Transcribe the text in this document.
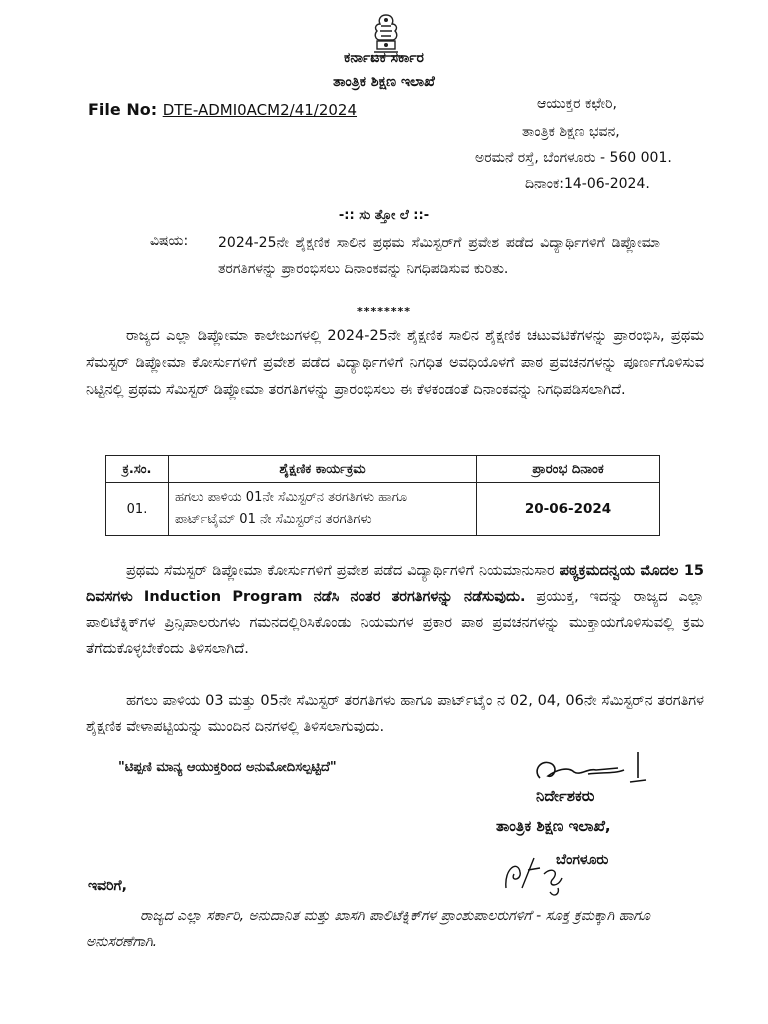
ಕರ್ನಾಟಕ ಸರ್ಕಾರ
ತಾಂತ್ರಿಕ ಶಿಕ್ಷಣ ಇಲಾಖೆ
File No: DTE-ADMI0ACM2/41/2024	ಆಯುಕ್ತರ ಕಛೇರಿ,
ತಾಂತ್ರಿಕ ಶಿಕ್ಷಣ ಭವನ,
ಅರಮನೆ ರಸ್ತೆ, ಬೆಂಗಳೂರು - 560 001.
ದಿನಾಂಕ:14-06-2024.
-:: ಸು ತ್ತೋ ಲೆ ::-
ವಿಷಯ: 2024-25ನೇ ಶೈಕ್ಷಣಿಕ ಸಾಲಿನ ಪ್ರಥಮ ಸೆಮಿಸ್ಟರ್‌ಗೆ ಪ್ರವೇಶ ಪಡೆದ ವಿದ್ಯಾರ್ಥಿಗಳಿಗೆ ಡಿಪ್ಲೋಮಾ ತರಗತಿಗಳನ್ನು ಪ್ರಾರಂಭಿಸಲು ದಿನಾಂಕವನ್ನು ನಿಗಧಿಪಡಿಸುವ ಕುರಿತು.
********
ರಾಜ್ಯದ ಎಲ್ಲಾ ಡಿಪ್ಲೋಮಾ ಕಾಲೇಜುಗಳಲ್ಲಿ 2024-25ನೇ ಶೈಕ್ಷಣಿಕ ಸಾಲಿನ ಶೈಕ್ಷಣಿಕ ಚಟುವಟಿಕೆಗಳನ್ನು ಪ್ರಾರಂಭಿಸಿ, ಪ್ರಥಮ ಸೆಮಸ್ಟರ್ ಡಿಪ್ಲೋಮಾ ಕೋರ್ಸುಗಳಿಗೆ ಪ್ರವೇಶ ಪಡೆದ ವಿದ್ಯಾರ್ಥಿಗಳಿಗೆ ನಿಗಧಿತ ಅವಧಿಯೊಳಗೆ ಪಾಠ ಪ್ರವಚನಗಳನ್ನು ಪೂರ್ಣಗೊಳಿಸುವ ನಿಟ್ಟಿನಲ್ಲಿ ಪ್ರಥಮ ಸೆಮಿಸ್ಟರ್ ಡಿಪ್ಲೋಮಾ ತರಗತಿಗಳನ್ನು ಪ್ರಾರಂಭಿಸಲು ಈ ಕೆಳಕಂಡಂತೆ ದಿನಾಂಕವನ್ನು ನಿಗಧಿಪಡಿಸಲಾಗಿದೆ.
ಕ್ರ.ಸಂ.	ಶೈಕ್ಷಣಿಕ ಕಾರ್ಯಕ್ರಮ	ಪ್ರಾರಂಭ ದಿನಾಂಕ
01.	ಹಗಲು ಪಾಳಿಯ 01ನೇ ಸೆಮಿಸ್ಟರ್‌ನ ತರಗತಿಗಳು ಹಾಗೂ ಪಾರ್ಟ್‌ಟೈಮ್ 01 ನೇ ಸೆಮಿಸ್ಟರ್‌ನ ತರಗತಿಗಳು	20-06-2024
ಪ್ರಥಮ ಸೆಮಸ್ಟರ್ ಡಿಪ್ಲೋಮಾ ಕೋರ್ಸುಗಳಿಗೆ ಪ್ರವೇಶ ಪಡೆದ ವಿದ್ಯಾರ್ಥಿಗಳಿಗೆ ನಿಯಮಾನುಸಾರ ಪಠ್ಯಕ್ರಮದನ್ವಯ ಮೊದಲ 15 ದಿವಸಗಳು Induction Program ನಡೆಸಿ ನಂತರ ತರಗತಿಗಳನ್ನು ನಡೆಸುವುದು. ಪ್ರಯುಕ್ತ, ಇದನ್ನು ರಾಜ್ಯದ ಎಲ್ಲಾ ಪಾಲಿಟೆಕ್ನಿಕ್‌ಗಳ ಪ್ರಿನ್ಸಿಪಾಲರುಗಳು ಗಮನದಲ್ಲಿರಿಸಿಕೊಂಡು ನಿಯಮಗಳ ಪ್ರಕಾರ ಪಾಠ ಪ್ರವಚನಗಳನ್ನು ಮುಕ್ತಾಯಗೊಳಿಸುವಲ್ಲಿ ಕ್ರಮ ತೆಗೆದುಕೊಳ್ಳಬೇಕೆಂದು ತಿಳಿಸಲಾಗಿದೆ.
ಹಗಲು ಪಾಳಿಯ 03 ಮತ್ತು 05ನೇ ಸೆಮಿಸ್ಟರ್ ತರಗತಿಗಳು ಹಾಗೂ ಪಾರ್ಟ್‌ಟೈಂ ನ 02, 04, 06ನೇ ಸೆಮಿಸ್ಟರ್‌ನ ತರಗತಿಗಳ ಶೈಕ್ಷಣಿಕ ವೇಳಾಪಟ್ಟಿಯನ್ನು ಮುಂದಿನ ದಿನಗಳಲ್ಲಿ ತಿಳಿಸಲಾಗುವುದು.
"ಟಿಪ್ಪಣಿ ಮಾನ್ಯ ಆಯುಕ್ತರಿಂದ ಅನುಮೋದಿಸಲ್ಪಟ್ಟಿದೆ"
ನಿರ್ದೇಶಕರು
ತಾಂತ್ರಿಕ ಶಿಕ್ಷಣ ಇಲಾಖೆ,
ಬೆಂಗಳೂರು
ಇವರಿಗೆ,
ರಾಜ್ಯದ ಎಲ್ಲಾ ಸರ್ಕಾರಿ, ಅನುದಾನಿತ ಮತ್ತು ಖಾಸಗಿ ಪಾಲಿಟೆಕ್ನಿಕ್‌ಗಳ ಪ್ರಾಂಶುಪಾಲರುಗಳಿಗೆ - ಸೂಕ್ತ ಕ್ರಮಕ್ಕಾಗಿ ಹಾಗೂ ಅನುಸರಣೆಗಾಗಿ.
